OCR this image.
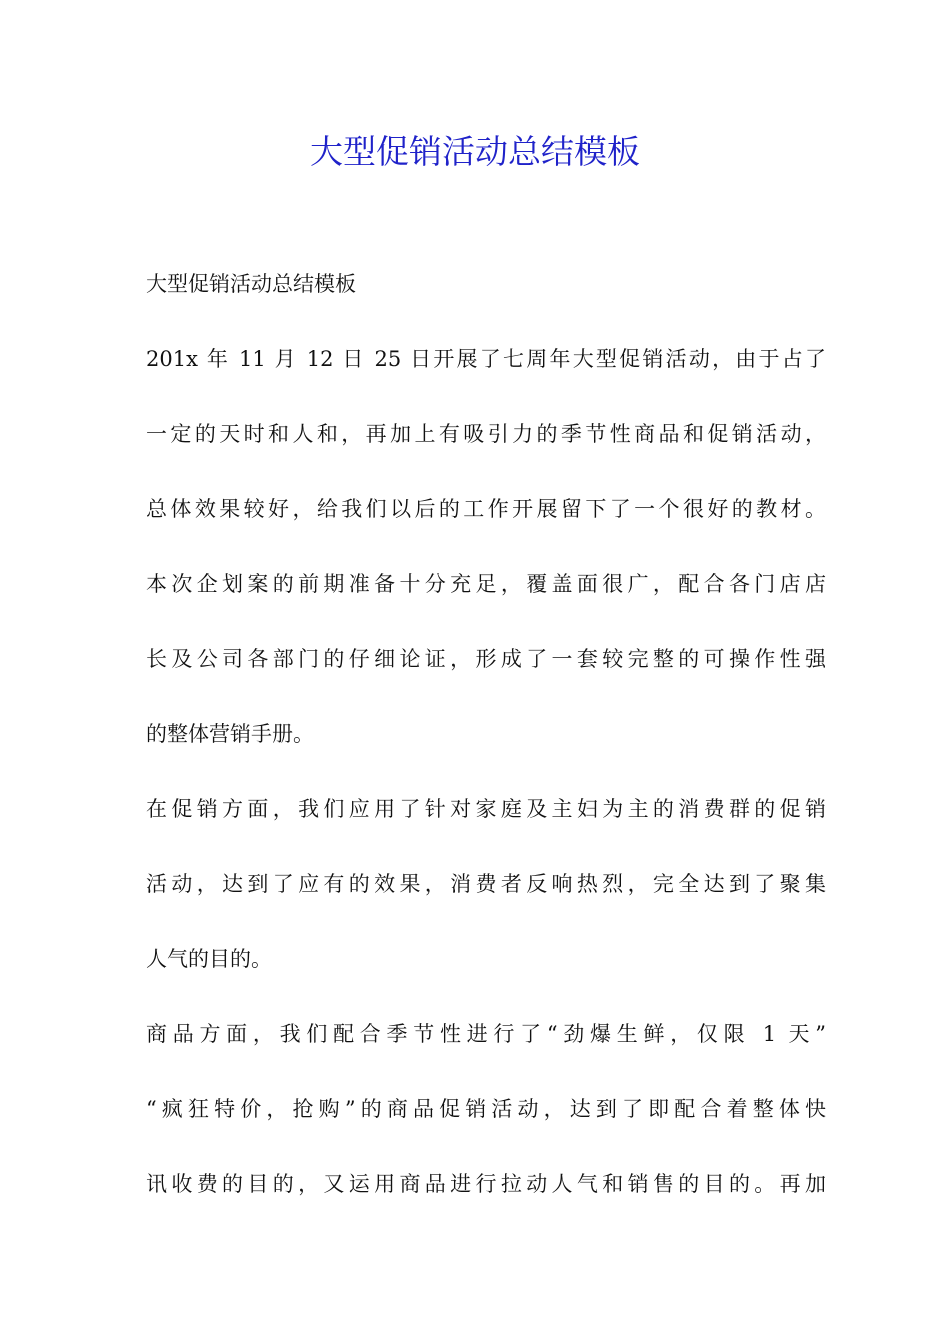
大型促销活动总结模板

大型促销活动总结模板

201x 年 11 月 12 日 25 日开展了七周年大型促销活动，由于占了

一定的天时和人和，再加上有吸引力的季节性商品和促销活动，

总体效果较好，给我们以后的工作开展留下了一个很好的教材。

本次企划案的前期准备十分充足，覆盖面很广，配合各门店店

长及公司各部门的仔细论证，形成了一套较完整的可操作性强

的整体营销手册。

在促销方面，我们应用了针对家庭及主妇为主的消费群的促销

活动，达到了应有的效果，消费者反响热烈，完全达到了聚集

人气的目的。

商品方面，我们配合季节性进行了“劲爆生鲜，仅限 1 天”

“疯狂特价，抢购”的商品促销活动，达到了即配合着整体快

讯收费的目的，又运用商品进行拉动人气和销售的目的。再加
